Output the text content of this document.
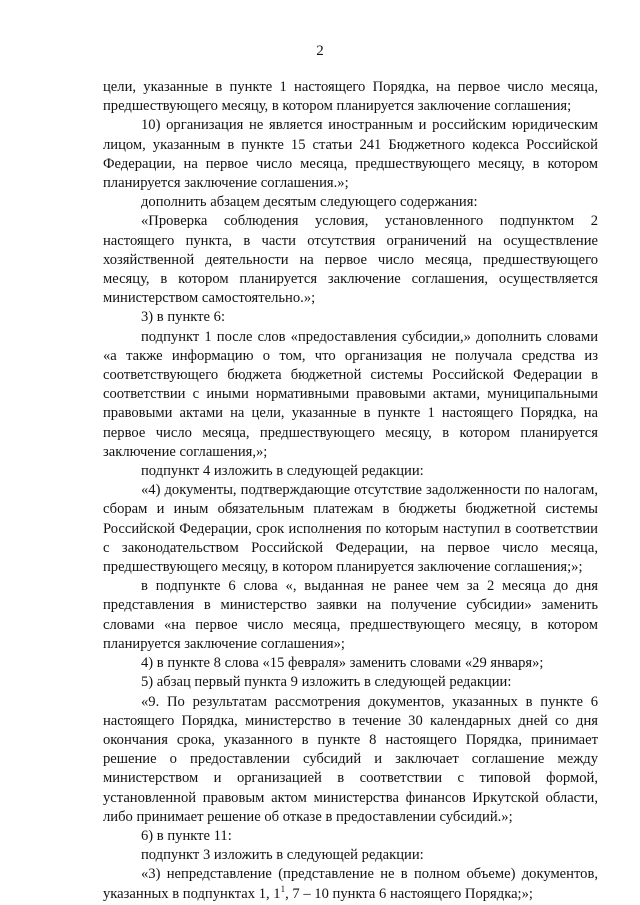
2

цели, указанные в пункте 1 настоящего Порядка, на первое число месяца, предшествующего месяцу, в котором планируется заключение соглашения;

10) организация не является иностранным и российским юридическим лицом, указанным в пункте 15 статьи 241 Бюджетного кодекса Российской Федерации, на первое число месяца, предшествующего месяцу, в котором планируется заключение соглашения.»;

дополнить абзацем десятым следующего содержания:

«Проверка соблюдения условия, установленного подпунктом 2 настоящего пункта, в части отсутствия ограничений на осуществление хозяйственной деятельности на первое число месяца, предшествующего месяцу, в котором планируется заключение соглашения, осуществляется министерством самостоятельно.»;

3) в пункте 6:

подпункт 1 после слов «предоставления субсидии,» дополнить словами «а также информацию о том, что организация не получала средства из соответствующего бюджета бюджетной системы Российской Федерации в соответствии с иными нормативными правовыми актами, муниципальными правовыми актами на цели, указанные в пункте 1 настоящего Порядка, на первое число месяца, предшествующего месяцу, в котором планируется заключение соглашения,»;

подпункт 4 изложить в следующей редакции:

«4) документы, подтверждающие отсутствие задолженности по налогам, сборам и иным обязательным платежам в бюджеты бюджетной системы Российской Федерации, срок исполнения по которым наступил в соответствии с законодательством Российской Федерации, на первое число месяца, предшествующего месяцу, в котором планируется заключение соглашения;»;

в подпункте 6 слова «, выданная не ранее чем за 2 месяца до дня представления в министерство заявки на получение субсидии» заменить словами «на первое число месяца, предшествующего месяцу, в котором планируется заключение соглашения»;

4) в пункте 8 слова «15 февраля» заменить словами «29 января»;

5) абзац первый пункта 9 изложить в следующей редакции:

«9. По результатам рассмотрения документов, указанных в пункте 6 настоящего Порядка, министерство в течение 30 календарных дней со дня окончания срока, указанного в пункте 8 настоящего Порядка, принимает решение о предоставлении субсидий и заключает соглашение между министерством и организацией в соответствии с типовой формой, установленной правовым актом министерства финансов Иркутской области, либо принимает решение об отказе в предоставлении субсидий.»;

6) в пункте 11:

подпункт 3 изложить в следующей редакции:

«3) непредставление (представление не в полном объеме) документов, указанных в подпунктах 1, $1^1$, 7 – 10 пункта 6 настоящего Порядка;»;
